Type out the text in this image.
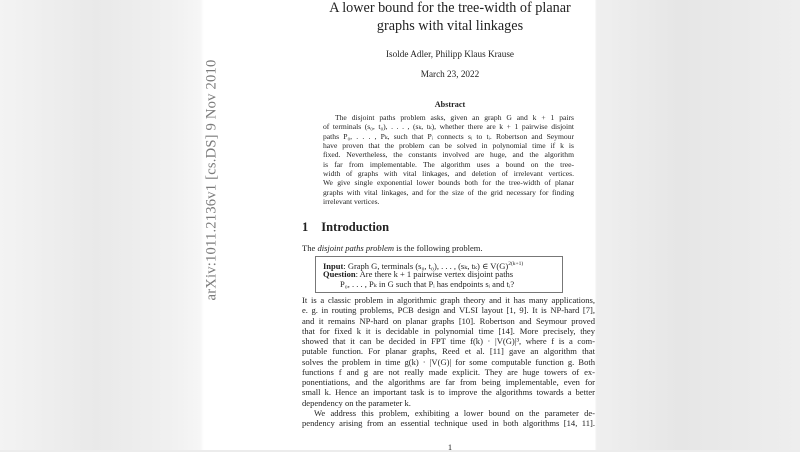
arXiv:1011.2136v1 [cs.DS] 9 Nov 2010
A lower bound for the tree-width of planar
graphs with vital linkages
Isolde Adler, Philipp Klaus Krause
March 23, 2022
Abstract
The disjoint paths problem asks, given an graph G and k + 1 pairs
of terminals (s₀, t₀), . . . , (sₖ, tₖ), whether there are k + 1 pairwise disjoint
paths P₀, . . . , Pₖ, such that Pᵢ connects sᵢ to tᵢ. Robertson and Seymour
have proven that the problem can be solved in polynomial time if k is
fixed. Nevertheless, the constants involved are huge, and the algorithm
is far from implementable. The algorithm uses a bound on the tree-
width of graphs with vital linkages, and deletion of irrelevant vertices.
We give single exponential lower bounds both for the tree-width of planar
graphs with vital linkages, and for the size of the grid necessary for finding
irrelevant vertices.
1 Introduction
The disjoint paths problem is the following problem.
Input: Graph G, terminals (s₀, t₀), . . . , (sₖ, tₖ) ∈ $V(G)^{2(k+1)}$
Question: Are there k + 1 pairwise vertex disjoint paths
P₀, . . . , Pₖ in G such that Pᵢ has endpoints sᵢ and tᵢ?
It is a classic problem in algorithmic graph theory and it has many applications,
e. g. in routing problems, PCB design and VLSI layout [1, 9]. It is NP-hard [7],
and it remains NP-hard on planar graphs [10]. Robertson and Seymour proved
that for fixed k it is decidable in polynomial time [14]. More precisely, they
showed that it can be decided in FPT time f(k) · |V(G)|³, where f is a com-
putable function. For planar graphs, Reed et al. [11] gave an algorithm that
solves the problem in time g(k) · |V(G)| for some computable function g. Both
functions f and g are not really made explicit. They are huge towers of ex-
ponentiations, and the algorithms are far from being implementable, even for
small k. Hence an important task is to improve the algorithms towards a better
dependency on the parameter k.
We address this problem, exhibiting a lower bound on the parameter de-
pendency arising from an essential technique used in both algorithms [14, 11].
1
